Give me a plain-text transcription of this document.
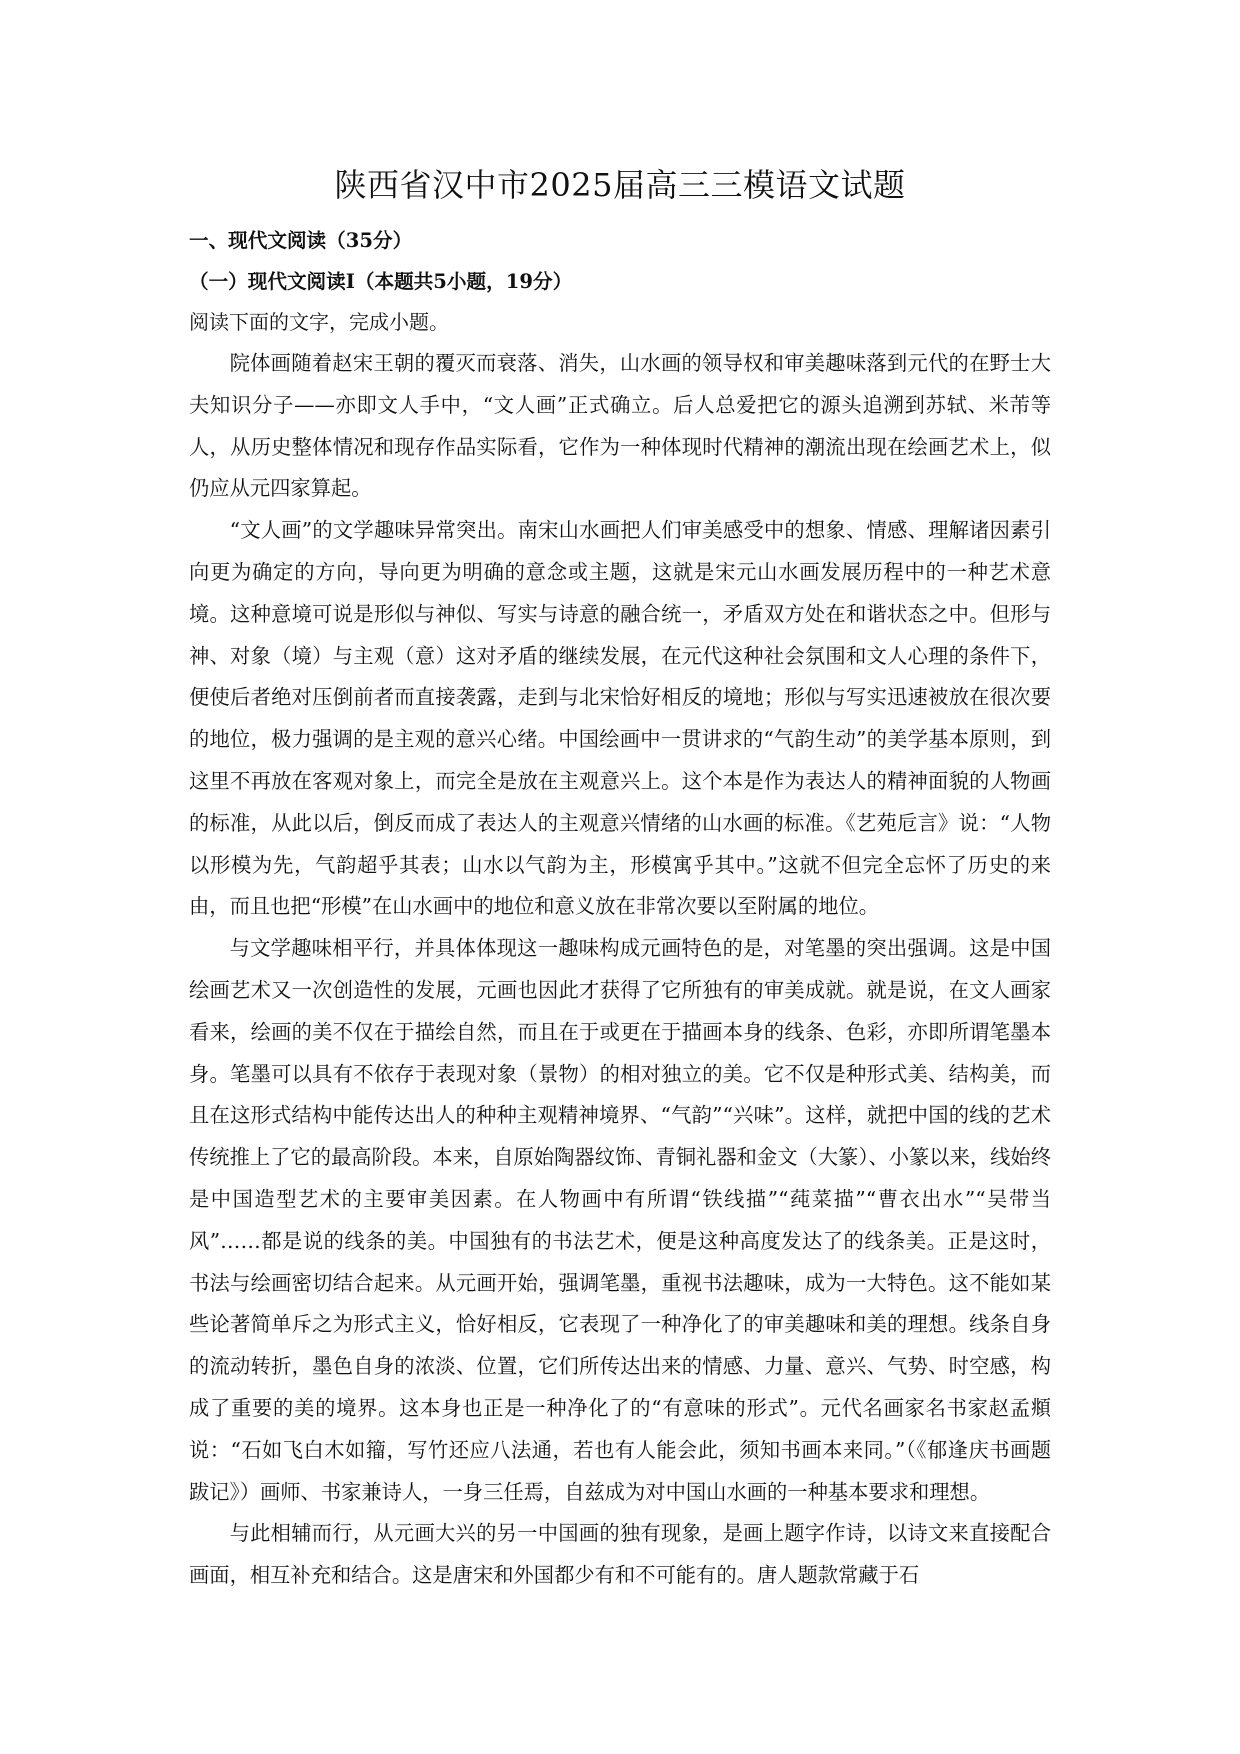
陕西省汉中市2025届高三三模语文试题
一、现代文阅读（35分）
（一）现代文阅读Ⅰ（本题共5小题，19分）

阅读下面的文字，完成小题。

院体画随着赵宋王朝的覆灭而衰落、消失，山水画的领导权和审美趣味落到元代的在野士大夫知识分子——亦即文人手中，“文人画”正式确立。后人总爱把它的源头追溯到苏轼、米芾等人，从历史整体情况和现存作品实际看，它作为一种体现时代精神的潮流出现在绘画艺术上，似仍应从元四家算起。

“文人画”的文学趣味异常突出。南宋山水画把人们审美感受中的想象、情感、理解诸因素引向更为确定的方向，导向更为明确的意念或主题，这就是宋元山水画发展历程中的一种艺术意境。这种意境可说是形似与神似、写实与诗意的融合统一，矛盾双方处在和谐状态之中。但形与神、对象（境）与主观（意）这对矛盾的继续发展，在元代这种社会氛围和文人心理的条件下，便使后者绝对压倒前者而直接袭露，走到与北宋恰好相反的境地；形似与写实迅速被放在很次要的地位，极力强调的是主观的意兴心绪。中国绘画中一贯讲求的“气韵生动”的美学基本原则，到这里不再放在客观对象上，而完全是放在主观意兴上。这个本是作为表达人的精神面貌的人物画的标准，从此以后，倒反而成了表达人的主观意兴情绪的山水画的标准。《艺苑卮言》说：“人物以形模为先，气韵超乎其表；山水以气韵为主，形模寓乎其中。”这就不但完全忘怀了历史的来由，而且也把“形模”在山水画中的地位和意义放在非常次要以至附属的地位。

与文学趣味相平行，并具体体现这一趣味构成元画特色的是，对笔墨的突出强调。这是中国绘画艺术又一次创造性的发展，元画也因此才获得了它所独有的审美成就。就是说，在文人画家看来，绘画的美不仅在于描绘自然，而且在于或更在于描画本身的线条、色彩，亦即所谓笔墨本身。笔墨可以具有不依存于表现对象（景物）的相对独立的美。它不仅是种形式美、结构美，而且在这形式结构中能传达出人的种种主观精神境界、“气韵”“兴味”。这样，就把中国的线的艺术传统推上了它的最高阶段。本来，自原始陶器纹饰、青铜礼器和金文（大篆）、小篆以来，线始终是中国造型艺术的主要审美因素。在人物画中有所谓“铁线描”“莼菜描”“曹衣出水”“吴带当风”……都是说的线条的美。中国独有的书法艺术，便是这种高度发达了的线条美。正是这时，书法与绘画密切结合起来。从元画开始，强调笔墨，重视书法趣味，成为一大特色。这不能如某些论著简单斥之为形式主义，恰好相反，它表现了一种净化了的审美趣味和美的理想。线条自身的流动转折，墨色自身的浓淡、位置，它们所传达出来的情感、力量、意兴、气势、时空感，构成了重要的美的境界。这本身也正是一种净化了的“有意味的形式”。元代名画家名书家赵孟頫说：“石如飞白木如籀，写竹还应八法通，若也有人能会此，须知书画本来同。”（《郁逢庆书画题跋记》）画师、书家兼诗人，一身三任焉，自兹成为对中国山水画的一种基本要求和理想。

与此相辅而行，从元画大兴的另一中国画的独有现象，是画上题字作诗，以诗文来直接配合画面，相互补充和结合。这是唐宋和外国都少有和不可能有的。唐人题款常藏于石
